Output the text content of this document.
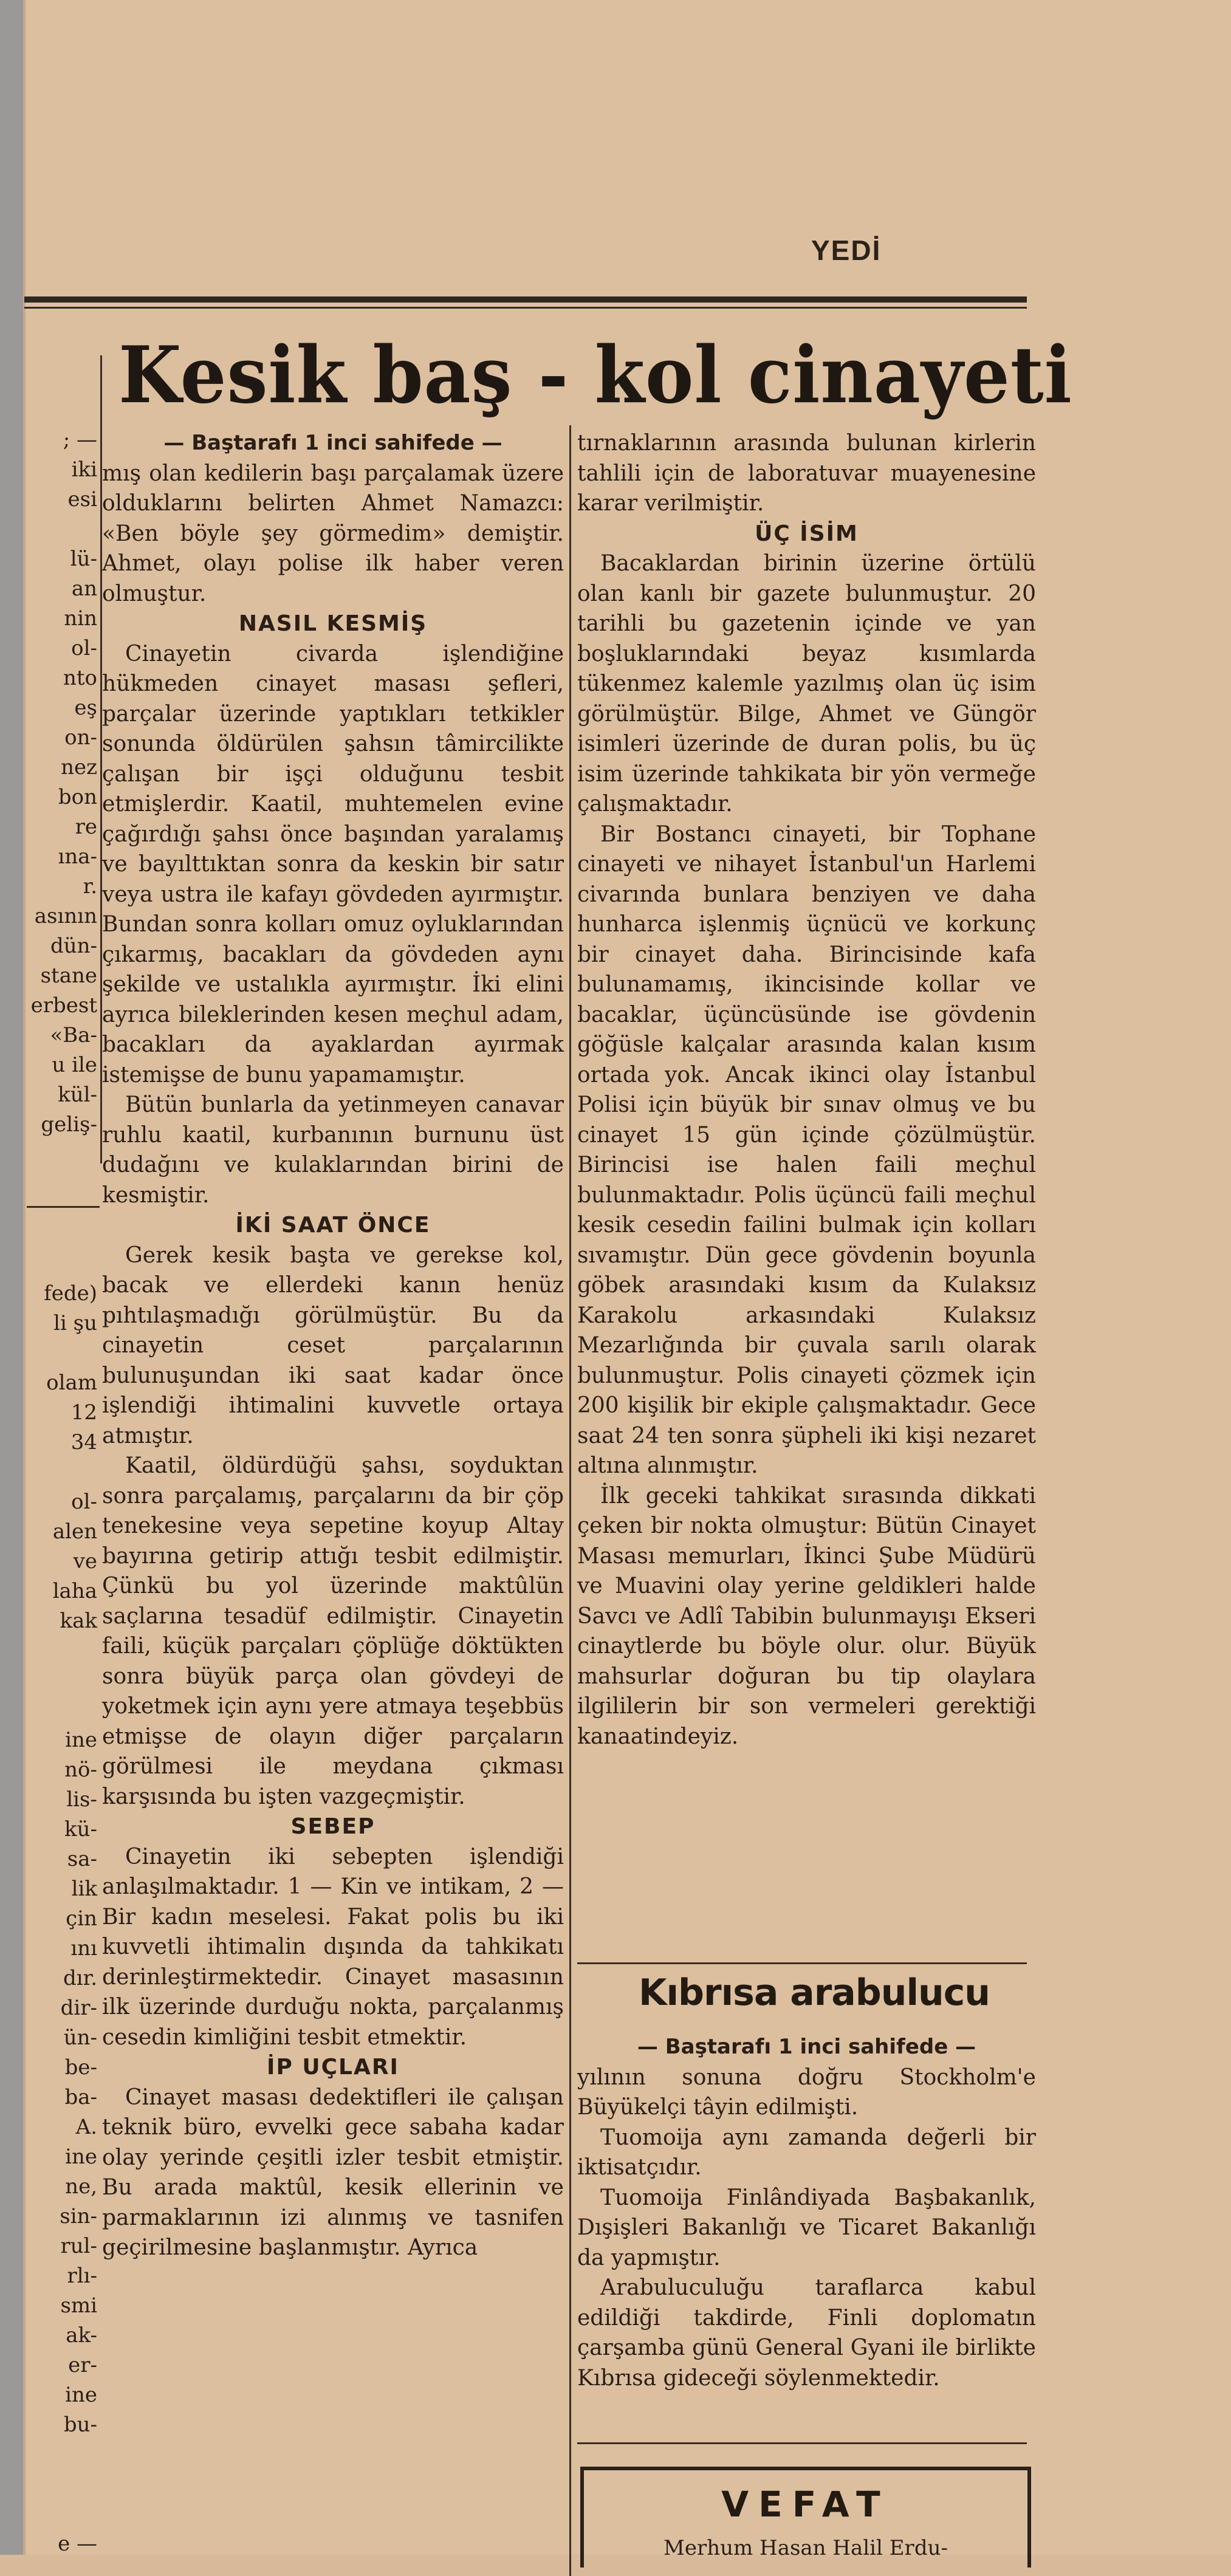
YEDİ
Kesik baş - kol cinayeti

; —

iki

esi

lü-

an

nin

ol-

nto

eş

on-

nez

bon

re

ına-

r.

asının

dün-

stane

erbest

«Ba-

u ile

kül-

geliş-

fede)

li şu

olam

12

34

ol-

alen

ve

laha

kak

ine

nö-

lis-

kü-

sa-

lik

çin

ını

dır.

dir-

ün-

be-

ba-

A.

ine

ne,

sin-

rul-

rlı-

smi

ak-

er-

ine

bu-

e —

— Baştarafı 1 inci sahifede —

mış olan kedilerin başı parçalamak üzere olduklarını belirten Ahmet Namazcı: «Ben böyle şey görmedim» demiştir. Ahmet, olayı polise ilk haber veren olmuştur.

NASIL KESMİŞ

Cinayetin civarda işlendiğine hükmeden cinayet masası şefleri, parçalar üzerinde yaptıkları tetkikler sonunda öldürülen şahsın tâmircilikte çalışan bir işçi olduğunu tesbit etmişlerdir. Kaatil, muhtemelen evine çağırdığı şahsı önce başından yaralamış ve bayılttıktan sonra da keskin bir satır veya ustra ile kafayı gövdeden ayırmıştır. Bundan sonra kolları omuz oyluklarından çıkarmış, bacakları da gövdeden aynı şekilde ve ustalıkla ayırmıştır. İki elini ayrıca bileklerinden kesen meçhul adam, bacakları da ayaklardan ayırmak istemişse de bunu yapamamıştır.

Bütün bunlarla da yetinmeyen canavar ruhlu kaatil, kurbanının burnunu üst dudağını ve kulaklarından birini de kesmiştir.

İKİ SAAT ÖNCE

Gerek kesik başta ve gerekse kol, bacak ve ellerdeki kanın henüz pıhtılaşmadığı görülmüştür. Bu da cinayetin ceset parçalarının bulunuşundan iki saat kadar önce işlendiği ihtimalini kuvvetle ortaya atmıştır.

Kaatil, öldürdüğü şahsı, soyduktan sonra parçalamış, parçalarını da bir çöp tenekesine veya sepetine koyup Altay bayırına getirip attığı tesbit edilmiştir. Çünkü bu yol üzerinde maktûlün saçlarına tesadüf edilmiştir. Cinayetin faili, küçük parçaları çöplüğe döktükten sonra büyük parça olan gövdeyi de yoketmek için aynı yere atmaya teşebbüs etmişse de olayın diğer parçaların görülmesi ile meydana çıkması karşısında bu işten vazgeçmiştir.

SEBEP

Cinayetin iki sebepten işlendiği anlaşılmaktadır. 1 — Kin ve intikam, 2 — Bir kadın meselesi. Fakat polis bu iki kuvvetli ihtimalin dışında da tahkikatı derinleştirmektedir. Cinayet masasının ilk üzerinde durduğu nokta, parçalanmış cesedin kimliğini tesbit etmektir.

İP UÇLARI

Cinayet masası dedektifleri ile çalışan teknik büro, evvelki gece sabaha kadar olay yerinde çeşitli izler tesbit etmiştir. Bu arada maktûl, kesik ellerinin ve parmaklarının izi alınmış ve tasnifen geçirilmesine başlanmıştır. Ayrıca

tırnaklarının arasında bulunan kirlerin tahlili için de laboratuvar muayenesine karar verilmiştir.

ÜÇ İSİM

Bacaklardan birinin üzerine örtülü olan kanlı bir gazete bulunmuştur. 20 tarihli bu gazetenin içinde ve yan boşluklarındaki beyaz kısımlarda tükenmez kalemle yazılmış olan üç isim görülmüştür. Bilge, Ahmet ve Güngör isimleri üzerinde de duran polis, bu üç isim üzerinde tahkikata bir yön vermeğe çalışmaktadır.

Bir Bostancı cinayeti, bir Tophane cinayeti ve nihayet İstanbul'un Harlemi civarında bunlara benziyen ve daha hunharca işlenmiş üçnücü ve korkunç bir cinayet daha. Birincisinde kafa bulunamamış, ikincisinde kollar ve bacaklar, üçüncüsünde ise gövdenin göğüsle kalçalar arasında kalan kısım ortada yok. Ancak ikinci olay İstanbul Polisi için büyük bir sınav olmuş ve bu cinayet 15 gün içinde çözülmüştür. Birincisi ise halen faili meçhul bulunmaktadır. Polis üçüncü faili meçhul kesik cesedin failini bulmak için kolları sıvamıştır. Dün gece gövdenin boyunla göbek arasındaki kısım da Kulaksız Karakolu arkasındaki Kulaksız Mezarlığında bir çuvala sarılı olarak bulunmuştur. Polis cinayeti çözmek için 200 kişilik bir ekiple çalışmaktadır. Gece saat 24 ten sonra şüpheli iki kişi nezaret altına alınmıştır.

İlk geceki tahkikat sırasında dikkati çeken bir nokta olmuştur: Bütün Cinayet Masası memurları, İkinci Şube Müdürü ve Muavini olay yerine geldikleri halde Savcı ve Adlî Tabibin bulunmayışı Ekseri cinaytlerde bu böyle olur. olur. Büyük mahsurlar doğuran bu tip olaylara ilgililerin bir son vermeleri gerektiği kanaatindeyiz.

Kıbrısa arabulucu

— Baştarafı 1 inci sahifede —

yılının sonuna doğru Stockholm'e Büyükelçi tâyin edilmişti.

Tuomoija aynı zamanda değerli bir iktisatçıdır.

Tuomoija Finlândiyada Başbakanlık, Dışişleri Bakanlığı ve Ticaret Bakanlığı da yapmıştır.

Arabuluculuğu taraflarca kabul edildiği takdirde, Finli doplomatın çarşamba günü General Gyani ile birlikte Kıbrısa gideceği söylenmektedir.

VEFAT
Merhum Hasan Halil Erdu-
